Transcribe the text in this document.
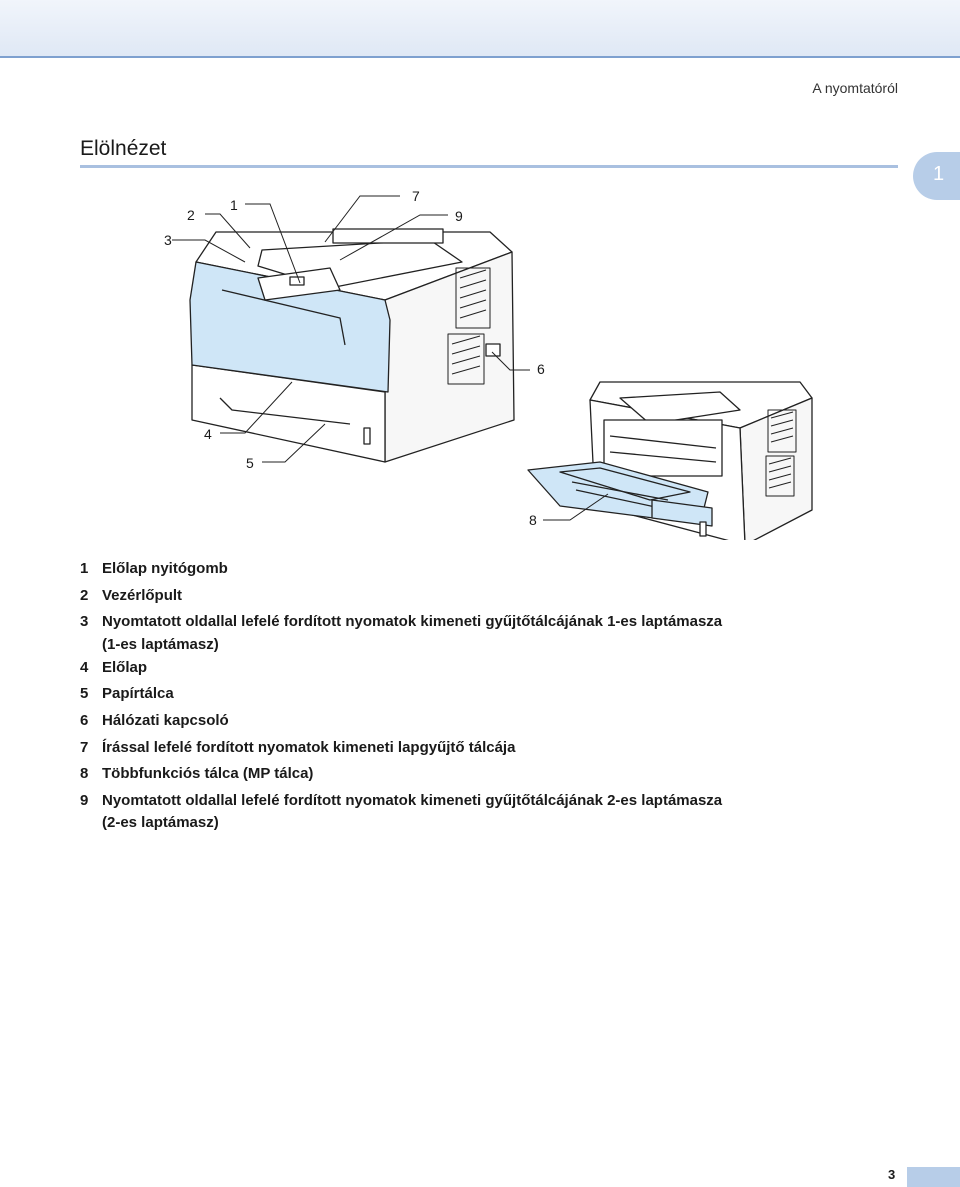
A nyomtatóról
Elölnézet
1
3
2
1
7
9
6
4
5
8
1 Előlap nyitógomb
2 Vezérlőpult
3 Nyomtatott oldallal lefelé fordított nyomatok kimeneti gyűjtőtálcájának 1-es laptámasza
(1-es laptámasz)
4 Előlap
5 Papírtálca
6 Hálózati kapcsoló
7 Írással lefelé fordított nyomatok kimeneti lapgyűjtő tálcája
8 Többfunkciós tálca (MP tálca)
9 Nyomtatott oldallal lefelé fordított nyomatok kimeneti gyűjtőtálcájának 2-es laptámasza
(2-es laptámasz)
3
